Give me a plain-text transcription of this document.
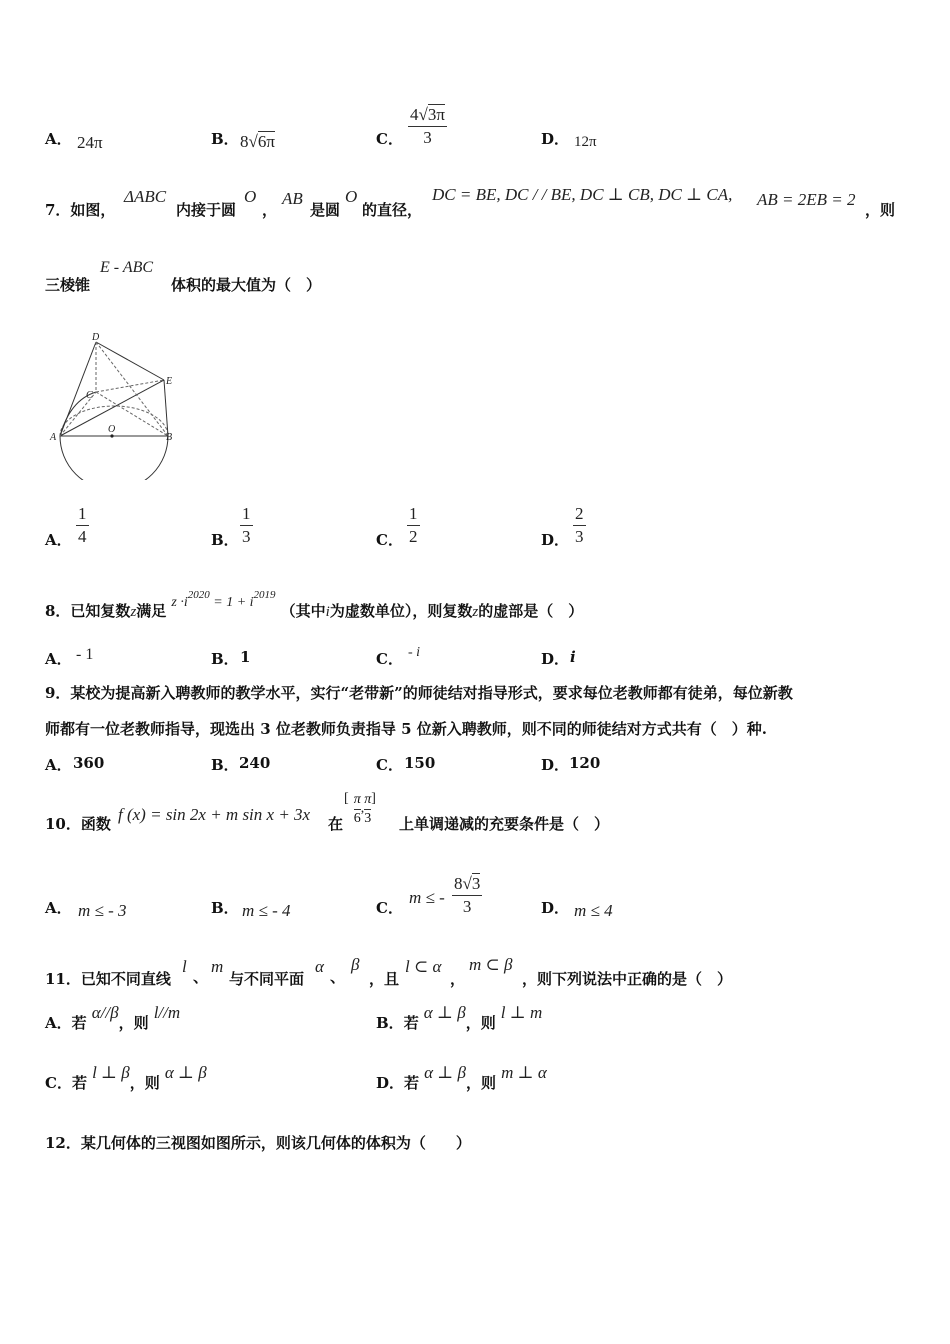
A． 24π	B． 8√6π	C． $\frac{4√3\pi}{3}$	D． 12π
7．如图，
ΔABC
内接于圆
O
，
AB
是圆
O
的直径，
DC = BE, DC / / BE, DC ⊥ CB, DC ⊥ CA, AB = 2EB = 2
，则
三棱锥
E - ABC
体积的最大值为（　）
D
C
E
A
O
B
A． $\frac{1}{4}$	B． $\frac{1}{3}$	C． $\frac{1}{2}$	D． $\frac{2}{3}$
8．已知复数z满足 $z \cdot i^{2020} = 1 + i^{2019}$ （其中i为虚数单位），则复数z的虚部是（　）
A． - 1	B． 1	C． - i	D． i
9．某校为提高新入聘教师的教学水平，实行“老带新”的师徒结对指导形式，要求每位老教师都有徒弟，每位新教
师都有一位老教师指导，现选出 3 位老教师负责指导 5 位新入聘教师，则不同的师徒结对方式共有（　）种.
A． 360	B． 240	C． 150	D． 120
10．函数 f (x) = sin 2x + m sin x + 3x 在
[ $\frac{\pi}{6}$ , $\frac{\pi}{3}$ ]
上单调递减的充要条件是（　）
A． m ≤ - 3	B． m ≤ - 4	C．
m ≤ - $\frac{8√3}{3}$	D． m ≤ 4
11．已知不同直线
l
、
m
与不同平面
α
、
β
，且
l ⊂ α
，
m ⊂ β
，则下列说法中正确的是（　）
A．若 α//β，则 l//m
B．若 α ⊥ β，则 l ⊥ m
C．若 l ⊥ β，则 α ⊥ β
D．若 α ⊥ β，则 m ⊥ α
12．某几何体的三视图如图所示，则该几何体的体积为（　　）
